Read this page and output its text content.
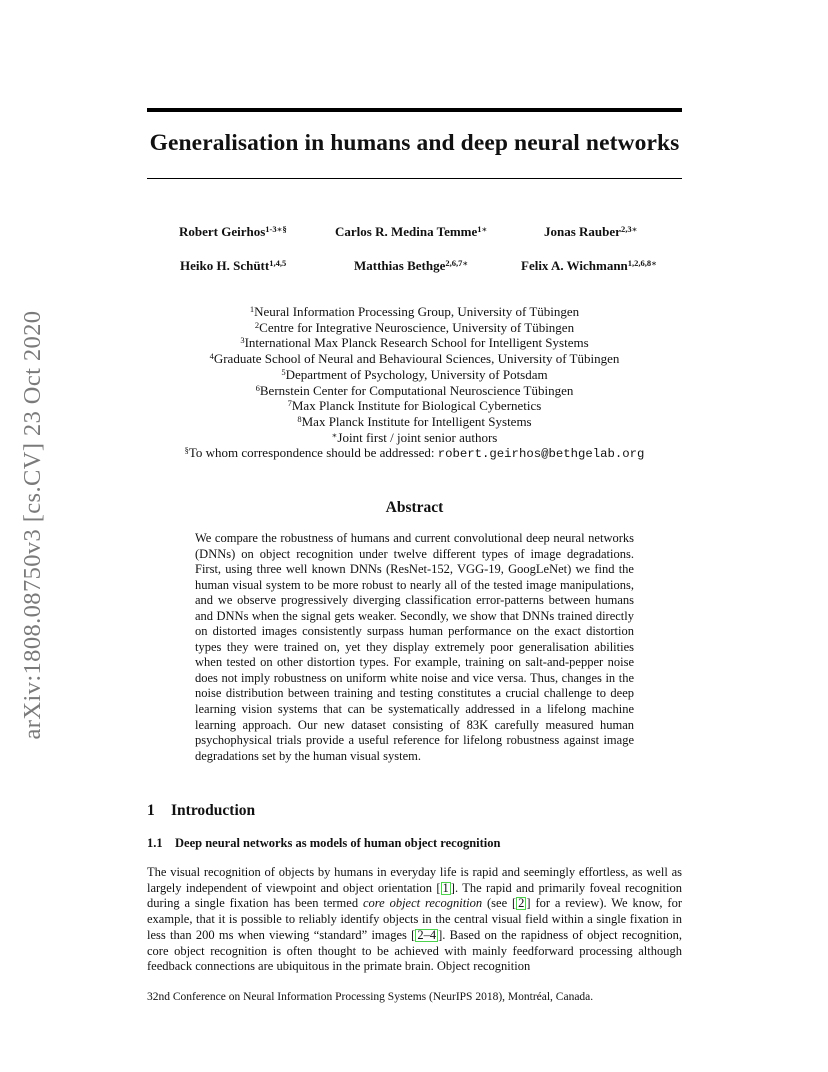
arXiv:1808.08750v3 [cs.CV] 23 Oct 2020
Generalisation in humans and deep neural networks
Robert Geirhos$^{1-3∗\S}$	Carlos R. Medina Temme$^{1∗}$	Jonas Rauber$^{2,3∗}$
Heiko H. Schütt$^{1,4,5}$	Matthias Bethge$^{2,6,7∗}$	Felix A. Wichmann$^{1,2,6,8∗}$
$^1$Neural Information Processing Group, University of Tübingen
$^2$Centre for Integrative Neuroscience, University of Tübingen
$^3$International Max Planck Research School for Intelligent Systems
$^4$Graduate School of Neural and Behavioural Sciences, University of Tübingen
$^5$Department of Psychology, University of Potsdam
$^6$Bernstein Center for Computational Neuroscience Tübingen
$^7$Max Planck Institute for Biological Cybernetics
$^8$Max Planck Institute for Intelligent Systems
∗Joint first / joint senior authors
§To whom correspondence should be addressed: robert.geirhos@bethgelab.org
Abstract
We compare the robustness of humans and current convolutional deep neural networks (DNNs) on object recognition under twelve different types of image degradations. First, using three well known DNNs (ResNet-152, VGG-19, GoogLeNet) we find the human visual system to be more robust to nearly all of the tested image manipulations, and we observe progressively diverging classification error-patterns between humans and DNNs when the signal gets weaker. Secondly, we show that DNNs trained directly on distorted images consistently surpass human performance on the exact distortion types they were trained on, yet they display extremely poor generalisation abilities when tested on other distortion types. For example, training on salt-and-pepper noise does not imply robustness on uniform white noise and vice versa. Thus, changes in the noise distribution between training and testing constitutes a crucial challenge to deep learning vision systems that can be systematically addressed in a lifelong machine learning approach. Our new dataset consisting of 83K carefully measured human psychophysical trials provide a useful reference for lifelong robustness against image degradations set by the human visual system.
1 Introduction
1.1 Deep neural networks as models of human object recognition
The visual recognition of objects by humans in everyday life is rapid and seemingly effortless, as well as largely independent of viewpoint and object orientation [ 1 ]. The rapid and primarily foveal recognition during a single fixation has been termed core object recognition (see [ 2 ] for a review). We know, for example, that it is possible to reliably identify objects in the central visual field within a single fixation in less than 200 ms when viewing “standard” images [ 2–4 ]. Based on the rapidness of object recognition, core object recognition is often thought to be achieved with mainly feedforward processing although feedback connections are ubiquitous in the primate brain. Object recognition
32nd Conference on Neural Information Processing Systems (NeurIPS 2018), Montréal, Canada.
